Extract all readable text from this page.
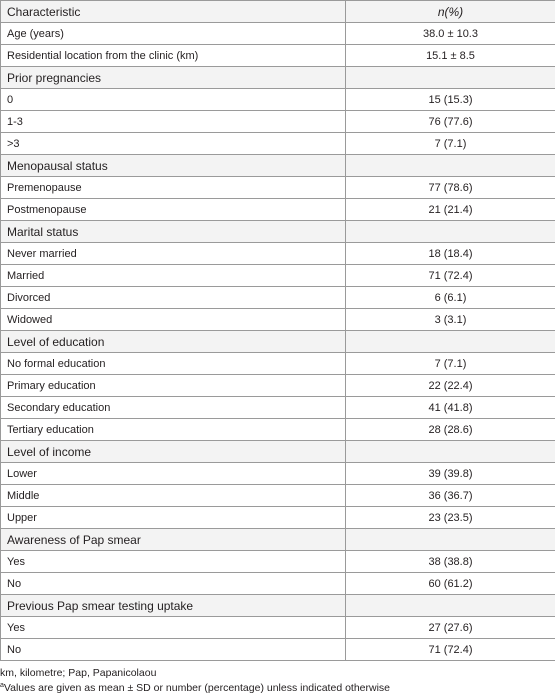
Characteristic	n(%)
Age (years)	38.0 ± 10.3
Residential location from the clinic (km)	15.1 ± 8.5
Prior pregnancies	
0	15 (15.3)
1-3	76 (77.6)
>3	7 (7.1)
Menopausal status	
Premenopause	77 (78.6)
Postmenopause	21 (21.4)
Marital status	
Never married	18 (18.4)
Married	71 (72.4)
Divorced	6 (6.1)
Widowed	3 (3.1)
Level of education	
No formal education	7 (7.1)
Primary education	22 (22.4)
Secondary education	41 (41.8)
Tertiary education	28 (28.6)
Level of income	
Lower	39 (39.8)
Middle	36 (36.7)
Upper	23 (23.5)
Awareness of Pap smear	
Yes	38 (38.8)
No	60 (61.2)
Previous Pap smear testing uptake	
Yes	27 (27.6)
No	71 (72.4)
km, kilometre; Pap, Papanicolaou
$^a$Values are given as mean ± SD or number (percentage) unless indicated otherwise
